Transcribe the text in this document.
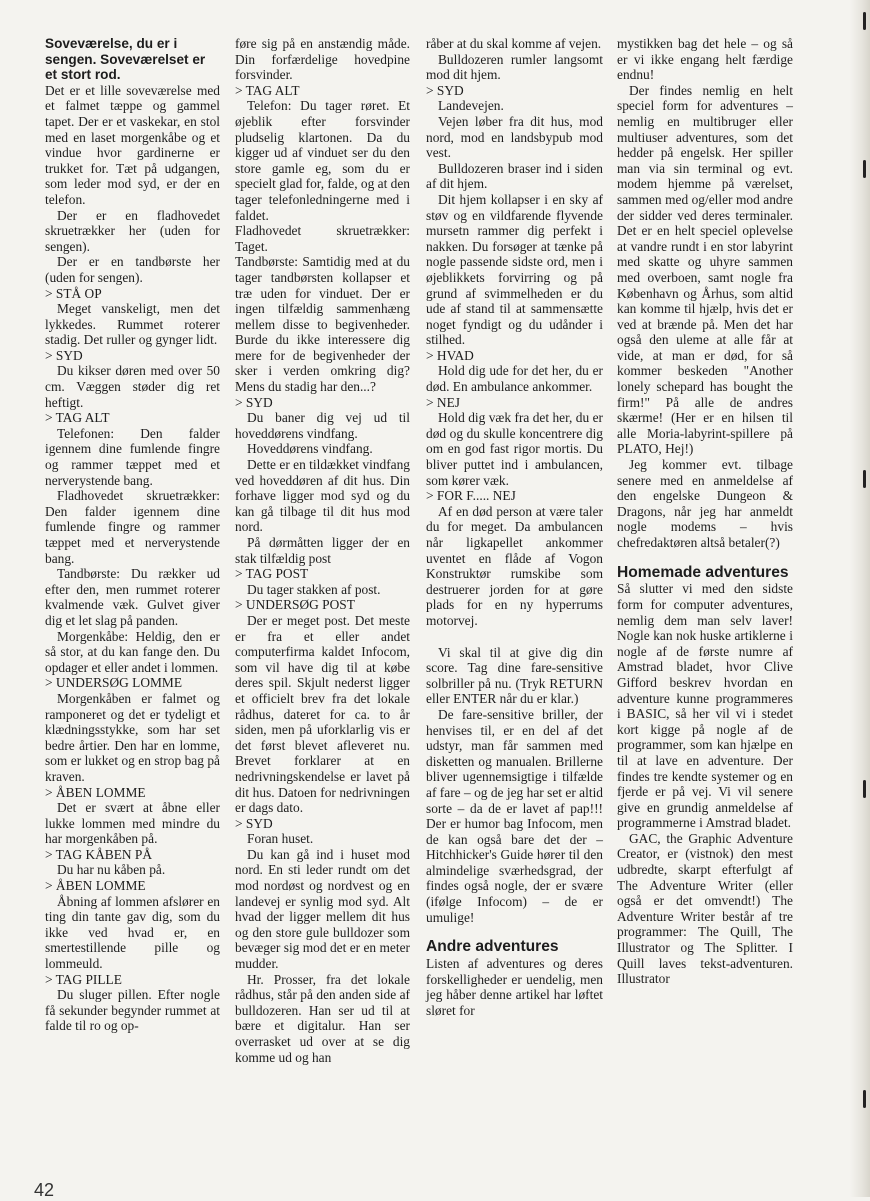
Soveværelse, du er i sengen. Soveværelset er et stort rod.

Det er et lille soveværelse med et falmet tæppe og gammel tapet. Der er et vaskekar, en stol med en laset morgenkåbe og et vindue hvor gardinerne er trukket for. Tæt på udgangen, som leder mod syd, er der en telefon.

Der er en fladhovedet skruetrækker her (uden for sengen).

Der er en tandbørste her (uden for sengen).

> STÅ OP

Meget vanskeligt, men det lykkedes. Rummet roterer stadig. Det ruller og gynger lidt.

> SYD

Du kikser døren med over 50 cm. Væggen støder dig ret heftigt.

> TAG ALT

Telefonen: Den falder igennem dine fumlende fingre og rammer tæppet med et nerverystende bang.

Fladhovedet skruetrækker: Den falder igennem dine fumlende fingre og rammer tæppet med et nerverystende bang.

Tandbørste: Du rækker ud efter den, men rummet roterer kvalmende væk. Gulvet giver dig et let slag på panden.

Morgenkåbe: Heldig, den er så stor, at du kan fange den. Du opdager et eller andet i lommen.

> UNDERSØG LOMME

Morgenkåben er falmet og ramponeret og det er tydeligt et klædningsstykke, som har set bedre årtier. Den har en lomme, som er lukket og en strop bag på kraven.

> ÅBEN LOMME

Det er svært at åbne eller lukke lommen med mindre du har morgenkåben på.

> TAG KÅBEN PÅ

Du har nu kåben på.

> ÅBEN LOMME

Åbning af lommen afslører en ting din tante gav dig, som du ikke ved hvad er, en smertestillende pille og lommeuld.

> TAG PILLE

Du sluger pillen. Efter nogle få sekunder begynder rummet at falde til ro og op-

føre sig på en anstændig måde. Din forfærdelige hovedpine forsvinder.

> TAG ALT

Telefon: Du tager røret. Et øjeblik efter forsvinder pludselig klartonen. Da du kigger ud af vinduet ser du den store gamle eg, som du er specielt glad for, falde, og at den tager telefonledningerne med i faldet.

Fladhovedet skruetrækker: Taget.

Tandbørste: Samtidig med at du tager tandbørsten kollapser et træ uden for vinduet. Der er ingen tilfældig sammenhæng mellem disse to begivenheder. Burde du ikke interessere dig mere for de begivenheder der sker i verden omkring dig? Mens du stadig har den...?

> SYD

Du baner dig vej ud til hoveddørens vindfang.

Hoveddørens vindfang.

Dette er en tildækket vindfang ved hoveddøren af dit hus. Din forhave ligger mod syd og du kan gå tilbage til dit hus mod nord.

På dørmåtten ligger der en stak tilfældig post

> TAG POST

Du tager stakken af post.

> UNDERSØG POST

Der er meget post. Det meste er fra et eller andet computerfirma kaldet Infocom, som vil have dig til at købe deres spil. Skjult nederst ligger et officielt brev fra det lokale rådhus, dateret for ca. to år siden, men på uforklarlig vis er det først blevet afleveret nu. Brevet forklarer at en nedrivningskendelse er lavet på dit hus. Datoen for nedrivningen er dags dato.

> SYD

Foran huset.

Du kan gå ind i huset mod nord. En sti leder rundt om det mod nordøst og nordvest og en landevej er synlig mod syd. Alt hvad der ligger mellem dit hus og den store gule bulldozer som bevæger sig mod det er en meter mudder.

Hr. Prosser, fra det lokale rådhus, står på den anden side af bulldozeren. Han ser ud til at bære et digitalur. Han ser overrasket ud over at se dig komme ud og han

råber at du skal komme af vejen.

Bulldozeren rumler langsomt mod dit hjem.

> SYD

Landevejen.

Vejen løber fra dit hus, mod nord, mod en landsbypub mod vest.

Bulldozeren braser ind i siden af dit hjem.

Dit hjem kollapser i en sky af støv og en vildfarende flyvende mursetn rammer dig perfekt i nakken. Du forsøger at tænke på nogle passende sidste ord, men i øjeblikkets forvirring og på grund af svimmelheden er du ude af stand til at sammensætte noget fyndigt og du udånder i stilhed.

> HVAD

Hold dig ude for det her, du er død. En ambulance ankommer.

> NEJ

Hold dig væk fra det her, du er død og du skulle koncentrere dig om en god fast rigor mortis. Du bliver puttet ind i ambulancen, som kører væk.

> FOR F..... NEJ

Af en død person at være taler du for meget. Da ambulancen når ligkapellet ankommer uventet en flåde af Vogon Konstruktør rumskibe som destruerer jorden for at gøre plads for en ny hyperrums motorvej.

Vi skal til at give dig din score. Tag dine fare-sensitive solbriller på nu. (Tryk RETURN eller ENTER når du er klar.)

De fare-sensitive briller, der henvises til, er en del af det udstyr, man får sammen med disketten og manualen. Brillerne bliver ugennemsigtige i tilfælde af fare – og de jeg har set er altid sorte – da de er lavet af pap!!! Der er humor bag Infocom, men de kan også bare det der – Hitchhicker's Guide hører til den almindelige sværhedsgrad, der findes også nogle, der er svære (ifølge Infocom) – de er umulige!

Andre adventures

Listen af adventures og deres forskelligheder er uendelig, men jeg håber denne artikel har løftet sløret for

mystikken bag det hele – og så er vi ikke engang helt færdige endnu!

Der findes nemlig en helt speciel form for adventures – nemlig en multibruger eller multiuser adventures, som det hedder på engelsk. Her spiller man via sin terminal og evt. modem hjemme på værelset, sammen med og/eller mod andre der sidder ved deres terminaler. Det er en helt speciel oplevelse at vandre rundt i en stor labyrint med skatte og uhyre sammen med overboen, samt nogle fra København og Århus, som altid kan komme til hjælp, hvis det er ved at brænde på. Men det har også den uleme at alle får at vide, at man er død, for så kommer beskeden "Another lonely schepard has bought the firm!" På alle de andres skærme! (Her er en hilsen til alle Moria-labyrint-spillere på PLATO, Hej!)

Jeg kommer evt. tilbage senere med en anmeldelse af den engelske Dungeon & Dragons, når jeg har anmeldt nogle modems – hvis chefredaktøren altså betaler(?)

Homemade adventures

Så slutter vi med den sidste form for computer adventures, nemlig dem man selv laver! Nogle kan nok huske artiklerne i nogle af de første numre af Amstrad bladet, hvor Clive Gifford beskrev hvordan en adventure kunne programmeres i BASIC, så her vil vi i stedet kort kigge på nogle af de programmer, som kan hjælpe en til at lave en adventure. Der findes tre kendte systemer og en fjerde er på vej. Vi vil senere give en grundig anmeldelse af programmerne i Amstrad bladet.

GAC, the Graphic Adventure Creator, er (vistnok) den mest udbredte, skarpt efterfulgt af The Adventure Writer (eller også er det omvendt!) The Adventure Writer består af tre programmer: The Quill, The Illustrator og The Splitter. I Quill laves tekst-adventuren. Illustrator

42
